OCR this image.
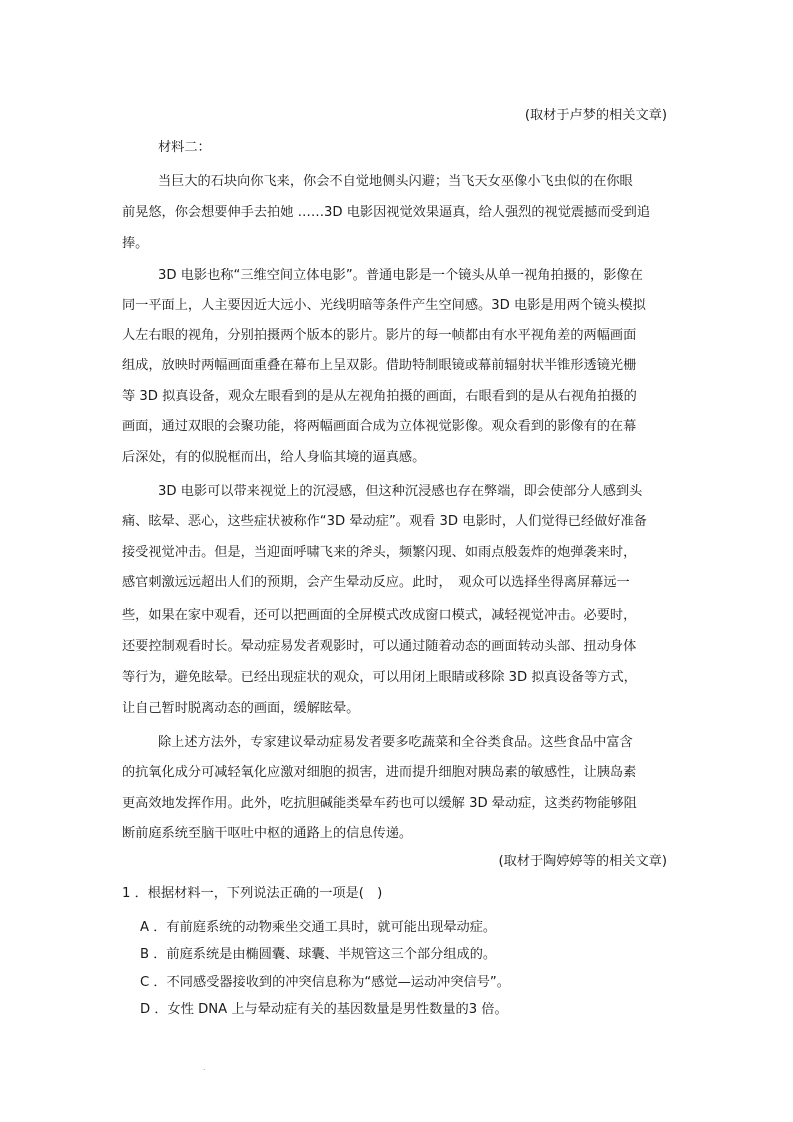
(取材于卢梦的相关文章)
材料二：
当巨大的石块向你飞来，你会不自觉地侧头闪避；当飞天女巫像小飞虫似的在你眼
前晃悠，你会想要伸手去拍她 ……3D 电影因视觉效果逼真，给人强烈的视觉震撼而受到追
捧。
3D 电影也称“三维空间立体电影”。普通电影是一个镜头从单一视角拍摄的，影像在
同一平面上，人主要因近大远小、光线明暗等条件产生空间感。3D 电影是用两个镜头模拟
人左右眼的视角，分别拍摄两个版本的影片。影片的每一帧都由有水平视角差的两幅画面
组成，放映时两幅画面重叠在幕布上呈双影。借助特制眼镜或幕前辐射状半锥形透镜光栅
等 3D 拟真设备，观众左眼看到的是从左视角拍摄的画面，右眼看到的是从右视角拍摄的
画面，通过双眼的会聚功能，将两幅画面合成为立体视觉影像。观众看到的影像有的在幕
后深处，有的似脱框而出，给人身临其境的逼真感。
3D 电影可以带来视觉上的沉浸感，但这种沉浸感也存在弊端，即会使部分人感到头
痛、眩晕、恶心，这些症状被称作“3D 晕动症”。观看 3D 电影时，人们觉得已经做好准备
接受视觉冲击。但是，当迎面呼啸飞来的斧头，频繁闪现、如雨点般轰炸的炮弹袭来时，
感官刺激远远超出人们的预期，会产生晕动反应。此时，　观众可以选择坐得离屏幕远一
些，如果在家中观看，还可以把画面的全屏模式改成窗口模式，减轻视觉冲击。必要时，
还要控制观看时长。晕动症易发者观影时，可以通过随着动态的画面转动头部、扭动身体
等行为，避免眩晕。已经出现症状的观众，可以用闭上眼睛或移除 3D 拟真设备等方式，
让自己暂时脱离动态的画面，缓解眩晕。
除上述方法外，专家建议晕动症易发者要多吃蔬菜和全谷类食品。这些食品中富含
的抗氧化成分可减轻氧化应激对细胞的损害，进而提升细胞对胰岛素的敏感性，让胰岛素
更高效地发挥作用。此外，吃抗胆碱能类晕车药也可以缓解 3D 晕动症，这类药物能够阻
断前庭系统至脑干呕吐中枢的通路上的信息传递。
(取材于陶婷婷等的相关文章)
1 ．根据材料一，下列说法正确的一项是(　)
A ．有前庭系统的动物乘坐交通工具时，就可能出现晕动症。
B ．前庭系统是由椭圆囊、球囊、半规管这三个部分组成的。
C ．不同感受器接收到的冲突信息称为“感觉—运动冲突信号”。
D ．女性 DNA 上与晕动症有关的基因数量是男性数量的3 倍。
.
